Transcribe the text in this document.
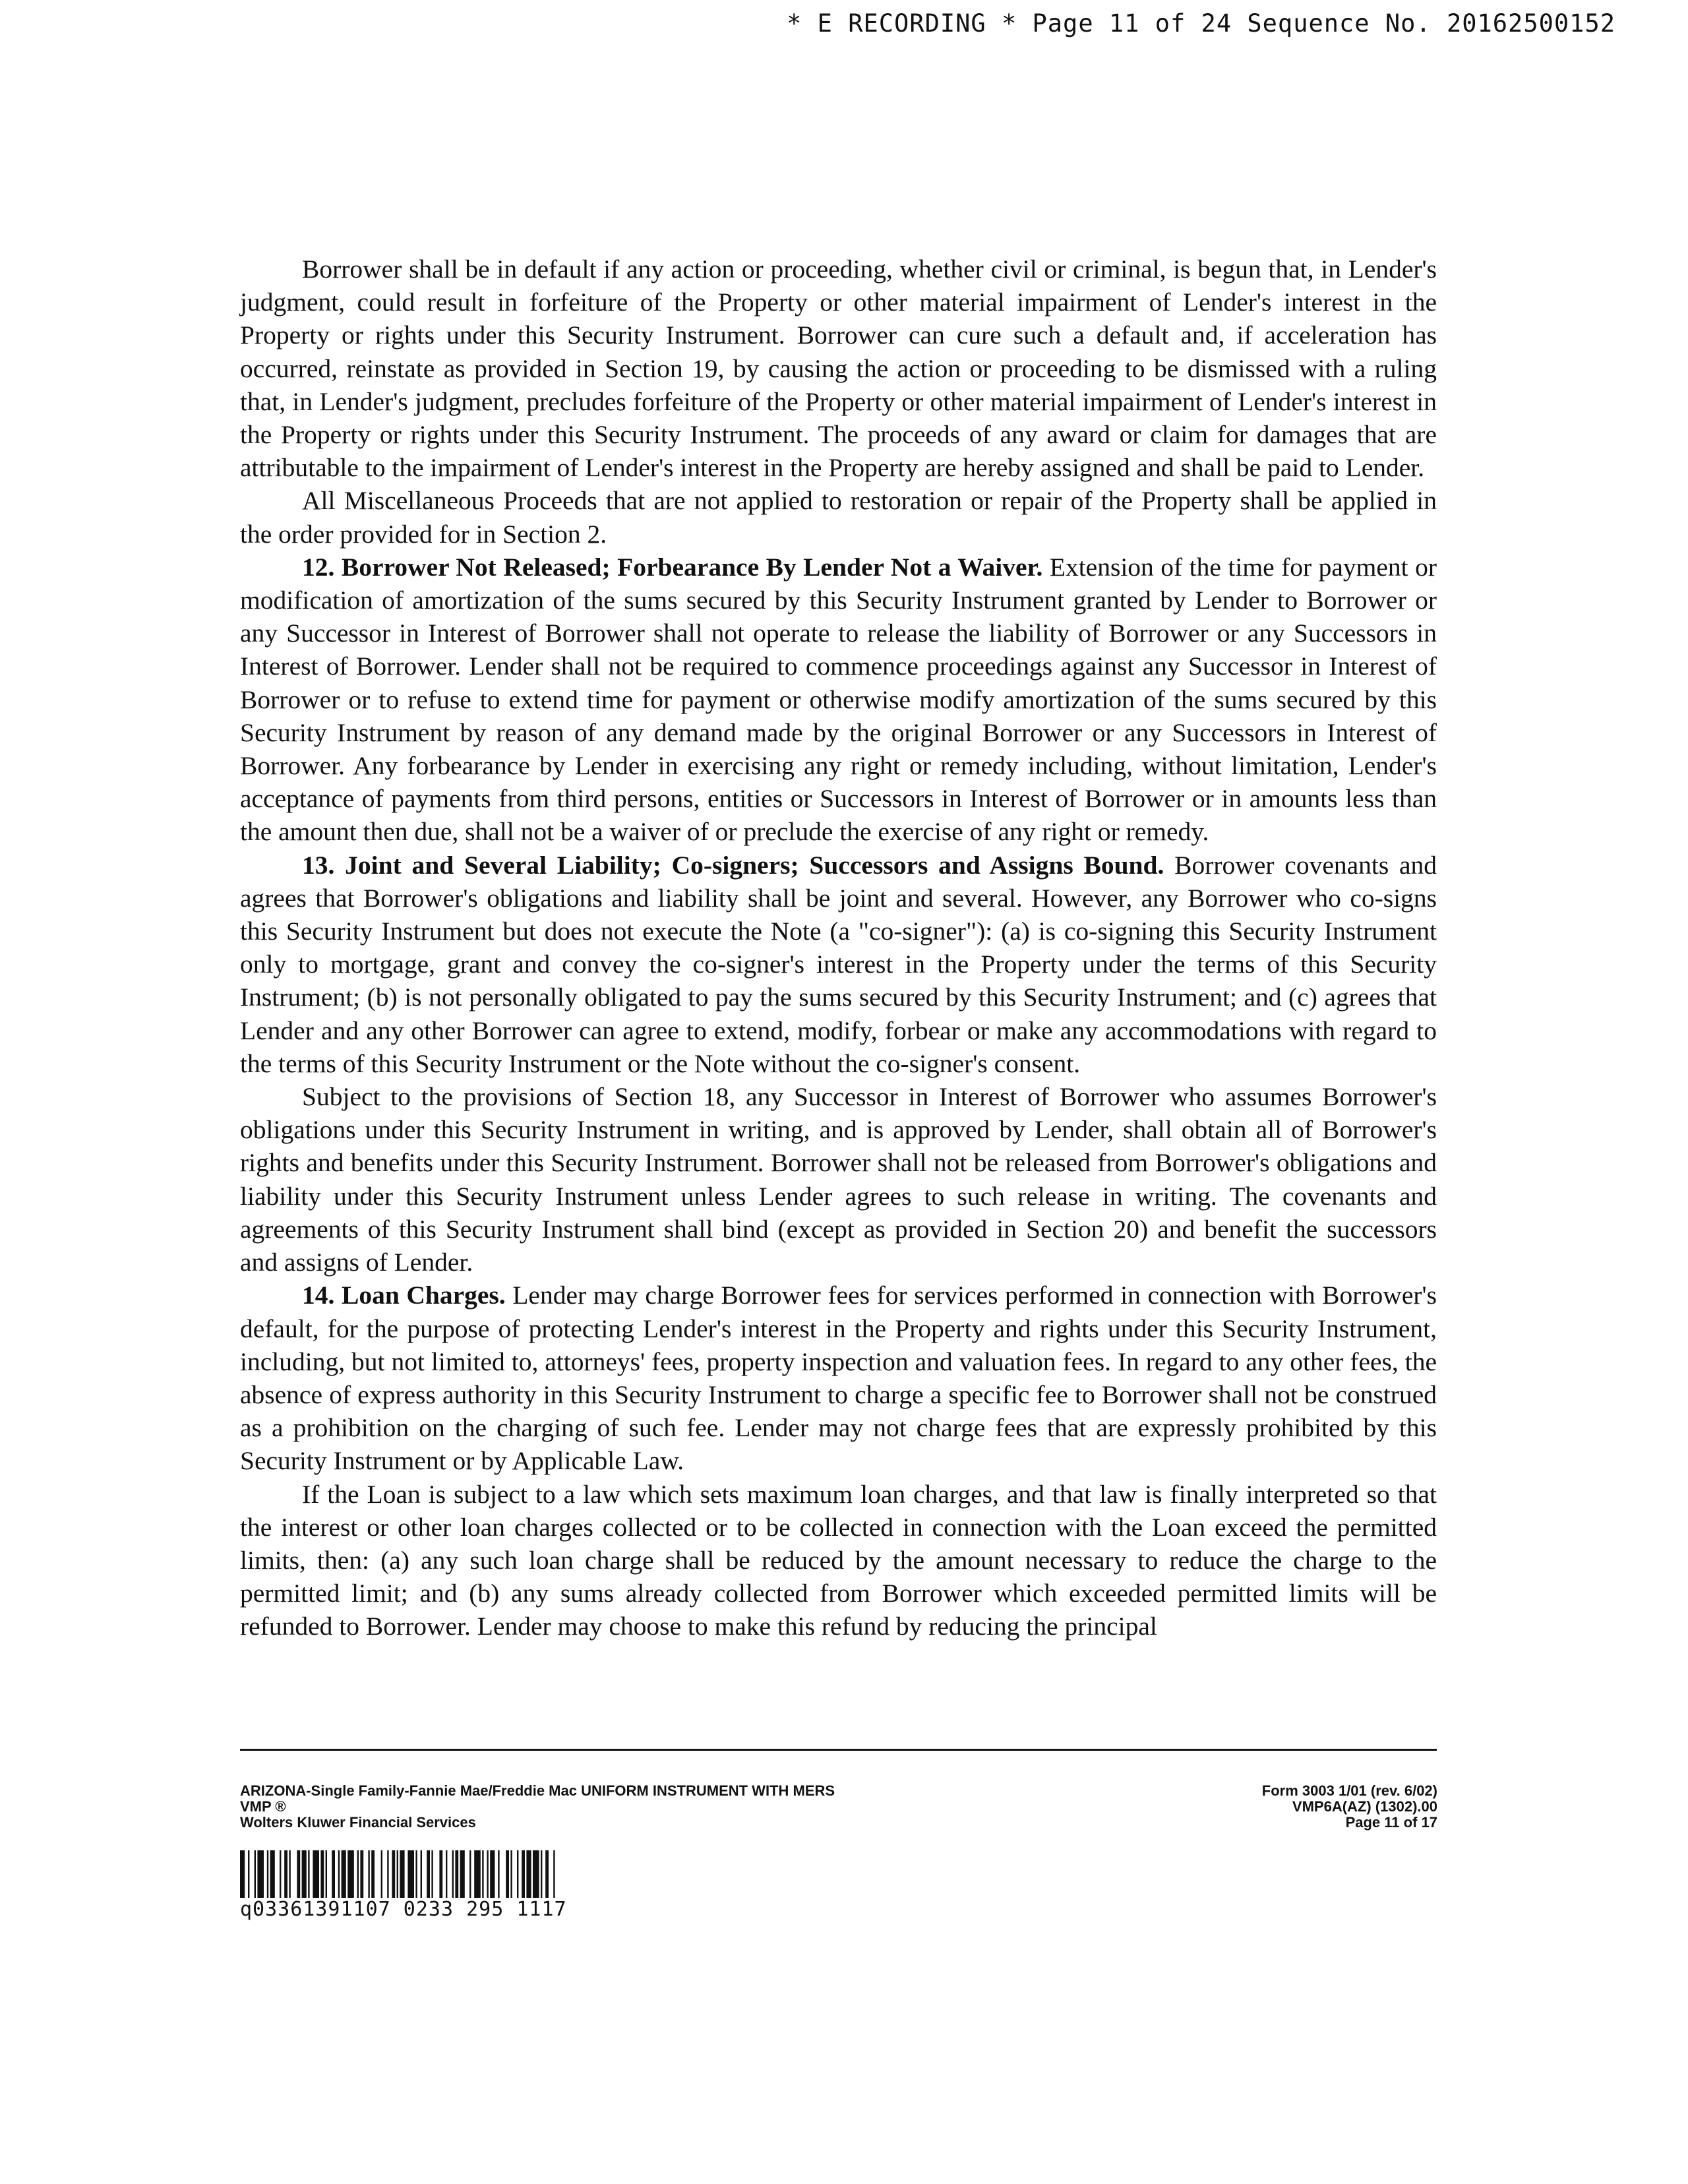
* E RECORDING * Page 11 of 24 Sequence No. 20162500152

Borrower shall be in default if any action or proceeding, whether civil or criminal, is begun that, in Lender's judgment, could result in forfeiture of the Property or other material impairment of Lender's interest in the Property or rights under this Security Instrument. Borrower can cure such a default and, if acceleration has occurred, reinstate as provided in Section 19, by causing the action or proceeding to be dismissed with a ruling that, in Lender's judgment, precludes forfeiture of the Property or other material impairment of Lender's interest in the Property or rights under this Security Instrument. The proceeds of any award or claim for damages that are attributable to the impairment of Lender's interest in the Property are hereby assigned and shall be paid to Lender.

All Miscellaneous Proceeds that are not applied to restoration or repair of the Property shall be applied in the order provided for in Section 2.

12. Borrower Not Released; Forbearance By Lender Not a Waiver. Extension of the time for payment or modification of amortization of the sums secured by this Security Instrument granted by Lender to Borrower or any Successor in Interest of Borrower shall not operate to release the liability of Borrower or any Successors in Interest of Borrower. Lender shall not be required to commence proceedings against any Successor in Interest of Borrower or to refuse to extend time for payment or otherwise modify amortization of the sums secured by this Security Instrument by reason of any demand made by the original Borrower or any Successors in Interest of Borrower. Any forbearance by Lender in exercising any right or remedy including, without limitation, Lender's acceptance of payments from third persons, entities or Successors in Interest of Borrower or in amounts less than the amount then due, shall not be a waiver of or preclude the exercise of any right or remedy.

13. Joint and Several Liability; Co-signers; Successors and Assigns Bound. Borrower covenants and agrees that Borrower's obligations and liability shall be joint and several. However, any Borrower who co-signs this Security Instrument but does not execute the Note (a "co-signer"): (a) is co-signing this Security Instrument only to mortgage, grant and convey the co-signer's interest in the Property under the terms of this Security Instrument; (b) is not personally obligated to pay the sums secured by this Security Instrument; and (c) agrees that Lender and any other Borrower can agree to extend, modify, forbear or make any accommodations with regard to the terms of this Security Instrument or the Note without the co-signer's consent.

Subject to the provisions of Section 18, any Successor in Interest of Borrower who assumes Borrower's obligations under this Security Instrument in writing, and is approved by Lender, shall obtain all of Borrower's rights and benefits under this Security Instrument. Borrower shall not be released from Borrower's obligations and liability under this Security Instrument unless Lender agrees to such release in writing. The covenants and agreements of this Security Instrument shall bind (except as provided in Section 20) and benefit the successors and assigns of Lender.

14. Loan Charges. Lender may charge Borrower fees for services performed in connection with Borrower's default, for the purpose of protecting Lender's interest in the Property and rights under this Security Instrument, including, but not limited to, attorneys' fees, property inspection and valuation fees. In regard to any other fees, the absence of express authority in this Security Instrument to charge a specific fee to Borrower shall not be construed as a prohibition on the charging of such fee. Lender may not charge fees that are expressly prohibited by this Security Instrument or by Applicable Law.

If the Loan is subject to a law which sets maximum loan charges, and that law is finally interpreted so that the interest or other loan charges collected or to be collected in connection with the Loan exceed the permitted limits, then: (a) any such loan charge shall be reduced by the amount necessary to reduce the charge to the permitted limit; and (b) any sums already collected from Borrower which exceeded permitted limits will be refunded to Borrower. Lender may choose to make this refund by reducing the principal

ARIZONA-Single Family-Fannie Mae/Freddie Mac UNIFORM INSTRUMENT WITH MERS
VMP ®
Wolters Kluwer Financial Services
Form 3003 1/01 (rev. 6/02)
VMP6A(AZ) (1302).00
Page 11 of 17
q03361391107 0233 295 1117
